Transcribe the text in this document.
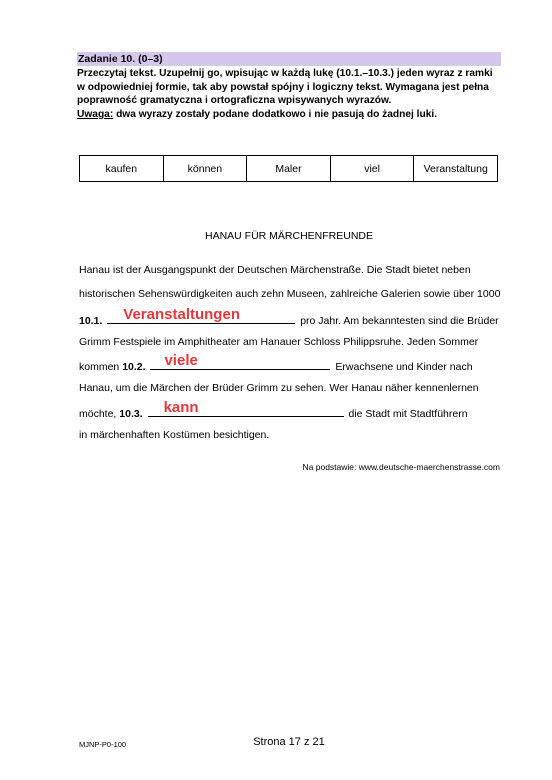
Zadanie 10. (0–3)
Przeczytaj tekst. Uzupełnij go, wpisując w każdą lukę (10.1.–10.3.) jeden wyraz z ramki
w odpowiedniej formie, tak aby powstał spójny i logiczny tekst. Wymagana jest pełna
poprawność gramatyczna i ortograficzna wpisywanych wyrazów.
Uwaga: dwa wyrazy zostały podane dodatkowo i nie pasują do żadnej luki.
kaufen	können	Maler	viel	Veranstaltung
HANAU FÜR MÄRCHENFREUNDE
Hanau ist der Ausgangspunkt der Deutschen Märchenstraße. Die Stadt bietet neben
historischen Sehenswürdigkeiten auch zehn Museen, zahlreiche Galerien sowie über 1000
10.1. Veranstaltungen	pro Jahr. Am bekanntesten sind die Brüder
Grimm Festspiele im Amphitheater am Hanauer Schloss Philippsruhe. Jeden Sommer
kommen 10.2. viele	Erwachsene und Kinder nach
Hanau, um die Märchen der Brüder Grimm zu sehen. Wer Hanau näher kennenlernen
möchte, 10.3. kann	die Stadt mit Stadtführern
in märchenhaften Kostümen besichtigen.
Na podstawie: www.deutsche-maerchenstrasse.com
MJNP-P0-100	Strona 17 z 21
